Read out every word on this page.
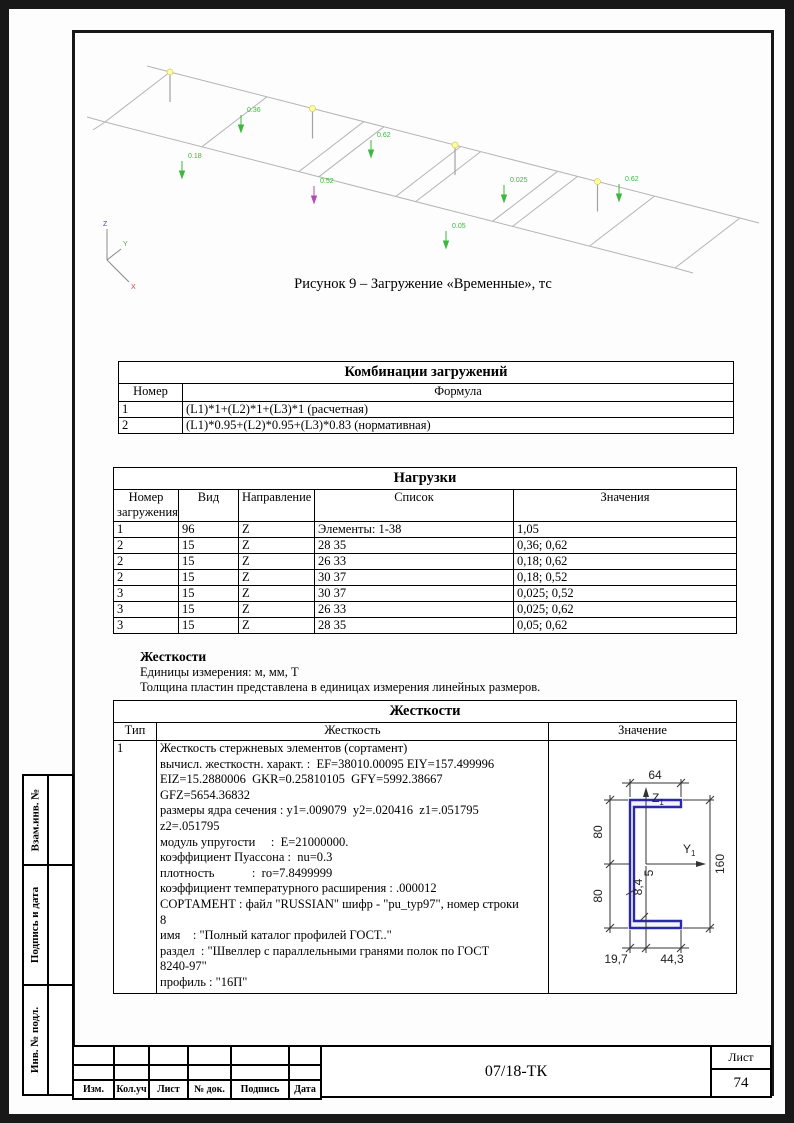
0.36
0.62
0.18
0.52	0.025
0.05
0.62
Z
X
Y
Рисунок 9 – Загружение «Временные», тс
Комбинации загружений	
Номер	Формула
1	(L1)*1+(L2)*1+(L3)*1 (расчетная)
2	(L1)*0.95+(L2)*0.95+(L3)*0.83 (нормативная)
Нагрузки				
Номер загружения	Вид	Направление	Список	Значения
1	96	Z	Элементы: 1-38	1,05
2	15	Z	28 35	0,36; 0,62
2	15	Z	26 33	0,18; 0,62
2	15	Z	30 37	0,18; 0,52
3	15	Z	30 37	0,025; 0,52
3	15	Z	26 33	0,025; 0,62
3	15	Z	28 35	0,05; 0,62
Жесткости
Единицы измерения: м, мм, Т
Толщина пластин представлена в единицах измерения линейных размеров.
Жесткости		
Тип	Жесткость	Значение
1	Жесткость стержневых элементов (сортамент)
вычисл. жесткостн. характ. :  EF=38010.00095 EIY=157.499996
EIZ=15.2880006  GKR=0.25810105  GFY=5992.38667
GFZ=5654.36832
размеры ядра сечения : y1=.009079  y2=.020416  z1=.051795
z2=.051795
модуль упругости     :  E=21000000.
коэффициент Пуассона :  nu=0.3
плотность            :  ro=7.8499999
коэффициент температурного расширения : .000012
СОРТАМЕНТ : файл "RUSSIAN" шифр - "pu_typ97", номер строки
8
имя    : "Полный каталог профилей ГОСТ.."
раздел  : "Швеллер с параллельными гранями полок по ГОСТ
8240-97"
профиль : "16П"

64
$Z_1$
$Y_1$
80
80
160
19,7	44,3
8,4
5
Взам.инв. №
Подпись и дата
Инв. № подл.

Изм.	Кол.уч	Лист	№ док.	Подпись	Дата
07/18-ТК
Лист
74
